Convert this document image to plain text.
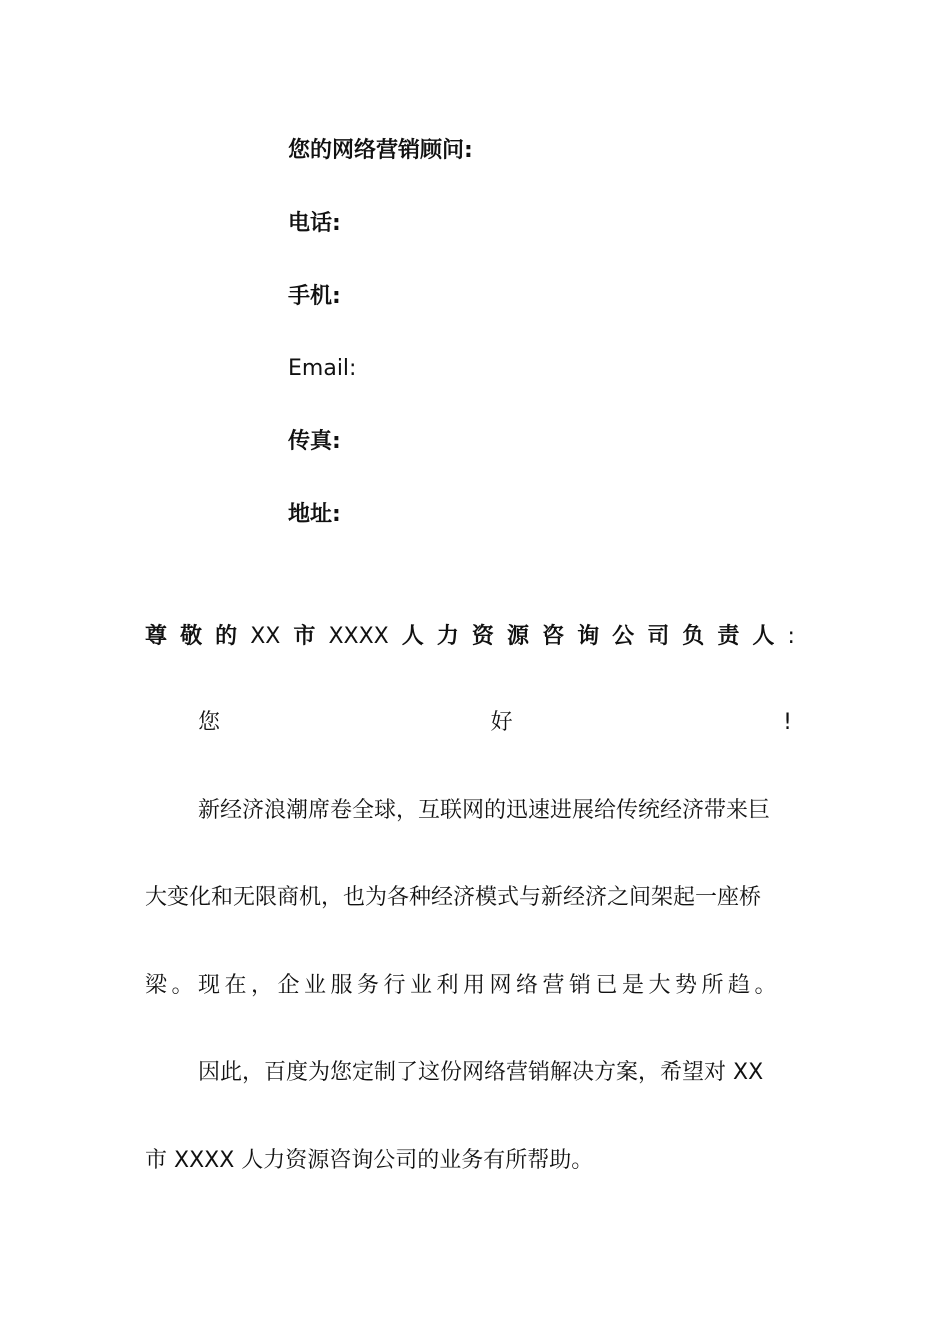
您的网络营销顾问:
电话:
手机:
Email:
传真:
地址:
尊 敬 的 XX 市 XXXX 人 力 资 源 咨 询 公 司 负 责 人 :
您	好	!
新经济浪潮席卷全球，互联网的迅速进展给传统经济带来巨
大变化和无限商机，也为各种经济模式与新经济之间架起一座桥
梁。现在，企业服务行业利用网络营销已是大势所趋。
因此，百度为您定制了这份网络营销解决方案，希望对 XX
市 XXXX 人力资源咨询公司的业务有所帮助。
